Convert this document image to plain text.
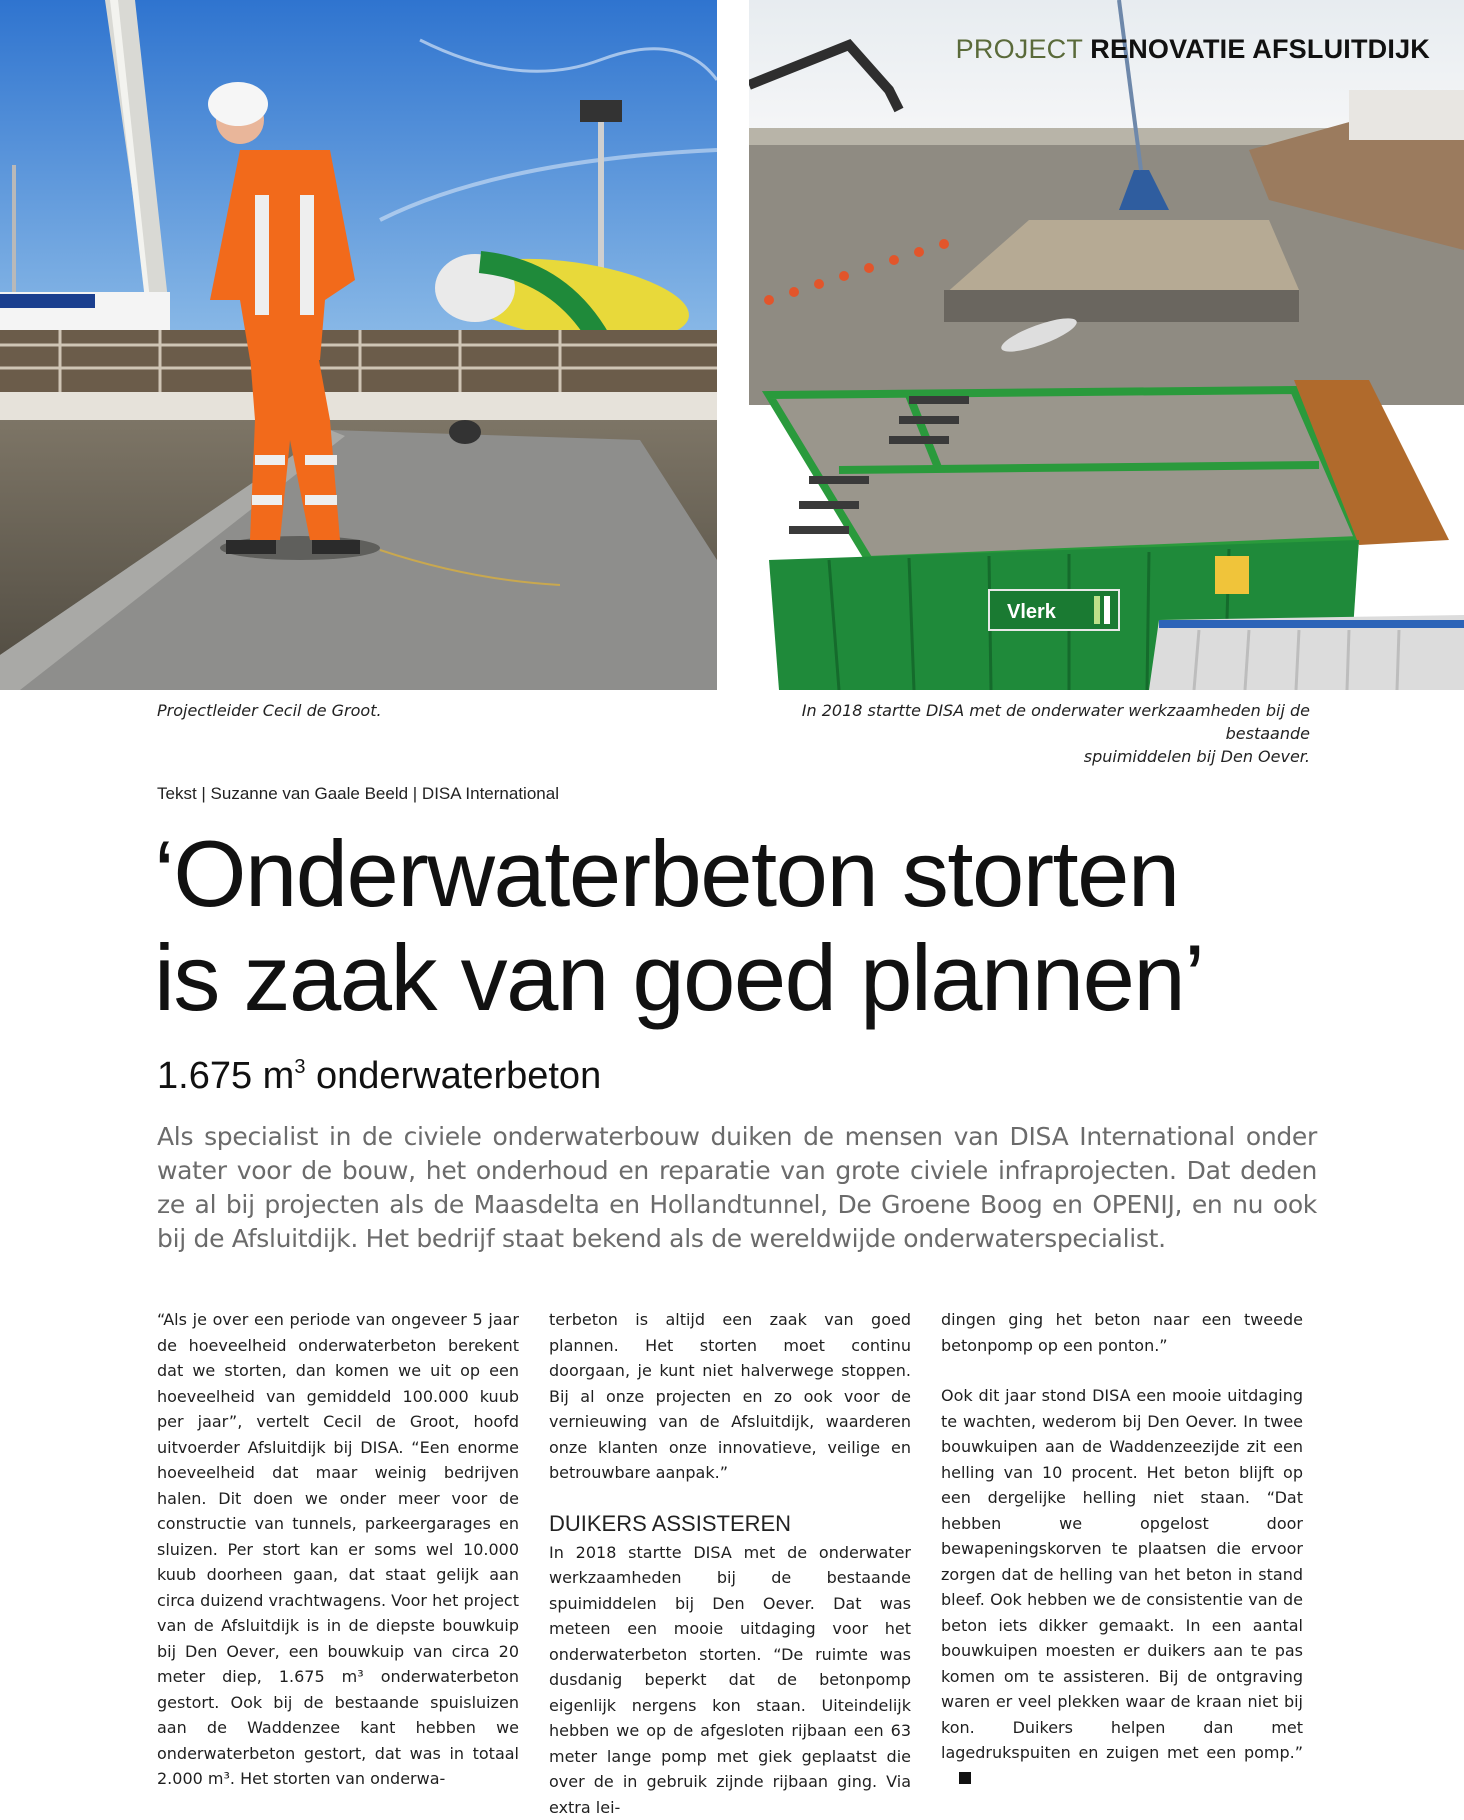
Vlerk
PROJECT RENOVATIE AFSLUITDIJK
Projectleider Cecil de Groot.	In 2018 startte DISA met de onderwater werkzaamheden bij de bestaande
spuimiddelen bij Den Oever.
Tekst | Suzanne van Gaale Beeld | DISA International
‘Onderwaterbeton storten
is zaak van goed plannen’
1.675 $m^3$ onderwaterbeton

Als specialist in de civiele onderwaterbouw duiken de mensen van DISA International onder water voor de bouw, het onderhoud en reparatie van grote civiele infraprojecten. Dat deden ze al bij projecten als de Maasdelta en Hollandtunnel, De Groene Boog en OPENIJ, en nu ook bij de Afsluitdijk. Het bedrijf staat bekend als de wereldwijde onderwaterspecialist.

“Als je over een periode van ongeveer 5 jaar de hoeveelheid onderwaterbeton berekent dat we storten, dan komen we uit op een hoeveelheid van gemiddeld 100.000 kuub per jaar”, vertelt Cecil de Groot, hoofd uitvoerder Afsluitdijk bij DISA. “Een enorme hoeveelheid dat maar weinig bedrijven halen. Dit doen we onder meer voor de constructie van tunnels, parkeergarages en sluizen. Per stort kan er soms wel 10.000 kuub doorheen gaan, dat staat gelijk aan circa duizend vrachtwagens. Voor het project van de Afsluitdijk is in de diepste bouwkuip bij Den Oever, een bouwkuip van circa 20 meter diep, 1.675 m³ onderwaterbeton gestort. Ook bij de bestaande spuisluizen aan de Waddenzee kant hebben we onderwaterbeton gestort, dat was in totaal 2.000 m³. Het storten van onderwa-

terbeton is altijd een zaak van goed plannen. Het storten moet continu doorgaan, je kunt niet halverwege stoppen. Bij al onze projecten en zo ook voor de vernieuwing van de Afsluitdijk, waarderen onze klanten onze innovatieve, veilige en betrouwbare aanpak.”

DUIKERS ASSISTEREN

In 2018 startte DISA met de onderwater werkzaamheden bij de bestaande spuimiddelen bij Den Oever. Dat was meteen een mooie uitdaging voor het onderwaterbeton storten. “De ruimte was dusdanig beperkt dat de betonpomp eigenlijk nergens kon staan. Uiteindelijk hebben we op de afgesloten rijbaan een 63 meter lange pomp met giek geplaatst die over de in gebruik zijnde rijbaan ging. Via extra lei-

dingen ging het beton naar een tweede betonpomp op een ponton.”

Ook dit jaar stond DISA een mooie uitdaging te wachten, wederom bij Den Oever. In twee bouwkuipen aan de Waddenzeezijde zit een helling van 10 procent. Het beton blijft op een dergelijke helling niet staan. “Dat hebben we opgelost door bewapeningskorven te plaatsen die ervoor zorgen dat de helling van het beton in stand bleef. Ook hebben we de consistentie van de beton iets dikker gemaakt. In een aantal bouwkuipen moesten er duikers aan te pas komen om te assisteren. Bij de ontgraving waren er veel plekken waar de kraan niet bij kon. Duikers helpen dan met lagedrukspuiten en zuigen met een pomp.”
